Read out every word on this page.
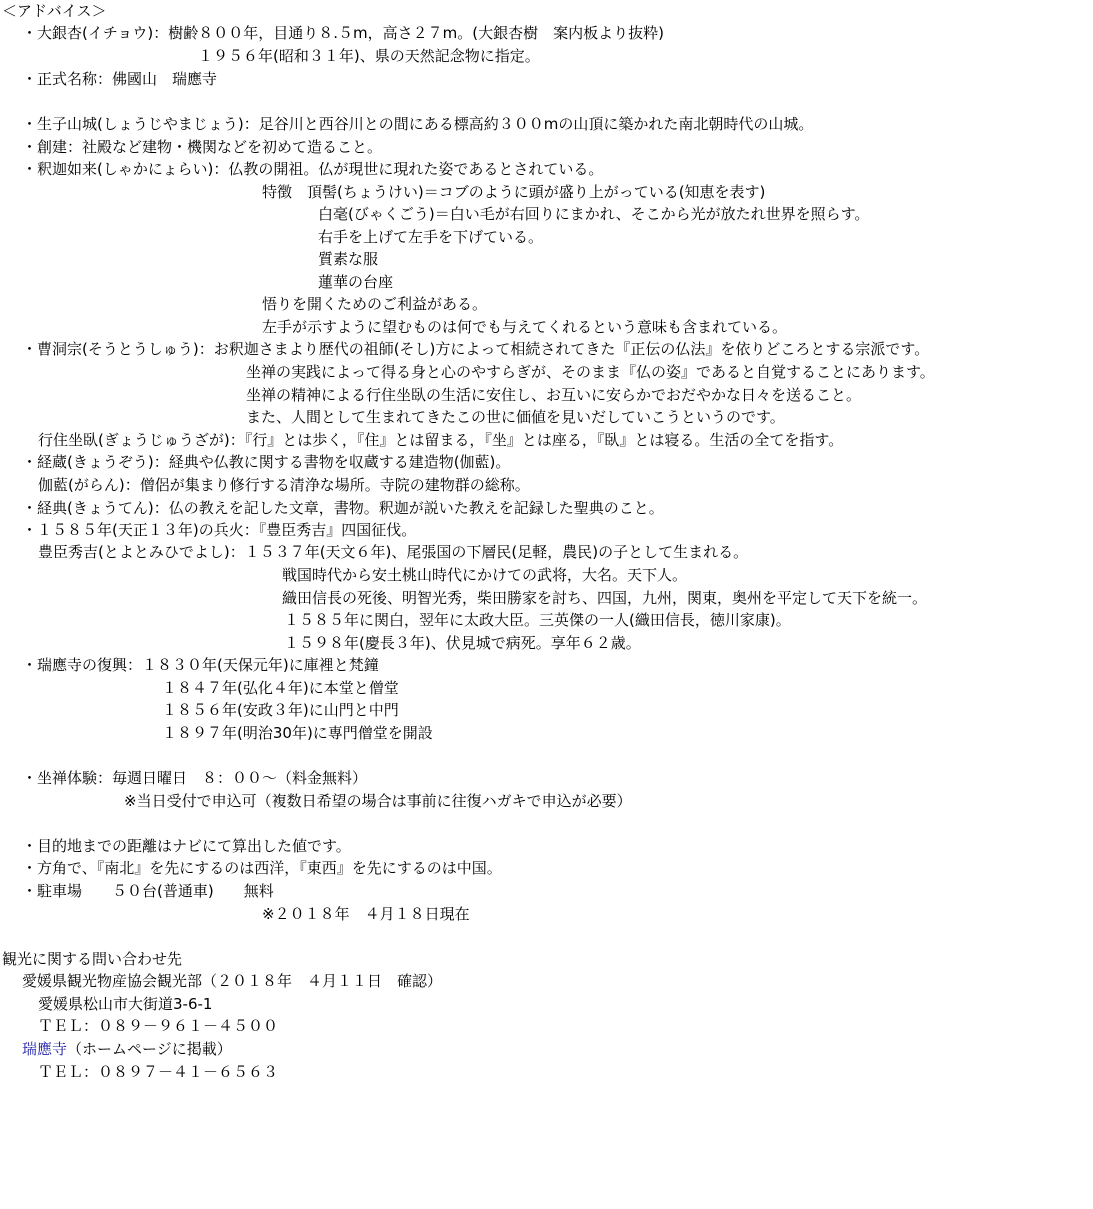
＜アドバイス＞

・大銀杏(イチョウ)：樹齢８００年，目通り８.５m，高さ２７m。(大銀杏樹　案内板より抜粋)

１９５６年(昭和３１年)、県の天然記念物に指定。

・正式名称：佛國山　瑞應寺

・生子山城(しょうじやまじょう)：足谷川と西谷川との間にある標高約３００mの山頂に築かれた南北朝時代の山城。

・創建：社殿など建物・機関などを初めて造ること。

・釈迦如来(しゃかにょらい)：仏教の開祖。仏が現世に現れた姿であるとされている。

特徴　頂髻(ちょうけい)＝コブのように頭が盛り上がっている(知恵を表す)

白毫(びゃくごう)＝白い毛が右回りにまかれ、そこから光が放たれ世界を照らす。

右手を上げて左手を下げている。

質素な服

蓮華の台座

悟りを開くためのご利益がある。

左手が示すように望むものは何でも与えてくれるという意味も含まれている。

・曹洞宗(そうとうしゅう)：お釈迦さまより歴代の祖師(そし)方によって相続されてきた『正伝の仏法』を依りどころとする宗派です。

坐禅の実践によって得る身と心のやすらぎが、そのまま『仏の姿』であると自覚することにあります。

坐禅の精神による行住坐臥の生活に安住し、お互いに安らかでおだやかな日々を送ること。

また、人間として生まれてきたこの世に価値を見いだしていこうというのです。

行住坐臥(ぎょうじゅうざが)：『行』とは歩く，『住』とは留まる，『坐』とは座る，『臥』とは寝る。生活の全てを指す。

・経蔵(きょうぞう)：経典や仏教に関する書物を収蔵する建造物(伽藍)。

伽藍(がらん)：僧侶が集まり修行する清浄な場所。寺院の建物群の総称。

・経典(きょうてん)：仏の教えを記した文章，書物。釈迦が説いた教えを記録した聖典のこと。

・１５８５年(天正１３年)の兵火：『豊臣秀吉』四国征伐。

豊臣秀吉(とよとみひでよし)：１５３７年(天文６年)、尾張国の下層民(足軽，農民)の子として生まれる。

戦国時代から安土桃山時代にかけての武将，大名。天下人。

織田信長の死後、明智光秀，柴田勝家を討ち、四国，九州，関東，奥州を平定して天下を統一。

１５８５年に関白，翌年に太政大臣。三英傑の一人(織田信長，徳川家康)。

１５９８年(慶長３年)、伏見城で病死。享年６２歳。

・瑞應寺の復興：１８３０年(天保元年)に庫裡と梵鐘

１８４７年(弘化４年)に本堂と僧堂

１８５６年(安政３年)に山門と中門

１８９７年(明治30年)に専門僧堂を開設

・坐禅体験：毎週日曜日　８：００～（料金無料）

※当日受付で申込可（複数日希望の場合は事前に往復ハガキで申込が必要）

・目的地までの距離はナビにて算出した値です。

・方角で、『南北』を先にするのは西洋，『東西』を先にするのは中国。

・駐車場　　５０台(普通車)　　無料

※２０１８年　４月１８日現在

観光に関する問い合わせ先

愛媛県観光物産協会観光部（２０１８年　４月１１日　確認）

愛媛県松山市大街道3-6-1

ＴＥＬ：０８９－９６１－４５００

瑞應寺（ホームページに掲載）

ＴＥＬ：０８９７－４１－６５６３
